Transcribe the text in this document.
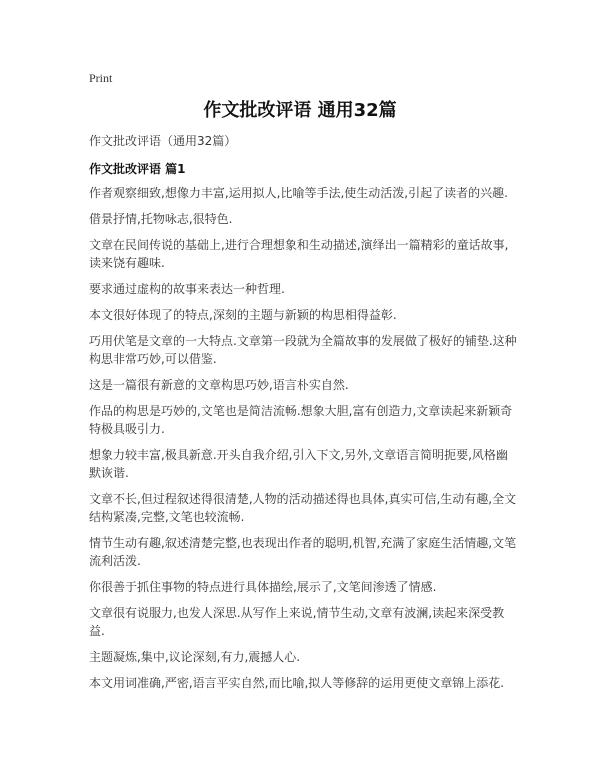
Print
作文批改评语 通用32篇
作文批改评语（通用32篇）
作文批改评语 篇1

作者观察细致,想像力丰富,运用拟人,比喻等手法,使生动活泼,引起了读者的兴趣.

借景抒情,托物咏志,很特色.

文章在民间传说的基础上,进行合理想象和生动描述,演绎出一篇精彩的童话故事,读来饶有趣味.

要求通过虚构的故事来表达一种哲理.

本文很好体现了的特点,深刻的主题与新颖的构思相得益彰.

巧用伏笔是文章的一大特点.文章第一段就为全篇故事的发展做了极好的铺垫.这种构思非常巧妙,可以借鉴.

这是一篇很有新意的文章构思巧妙,语言朴实自然.

作品的构思是巧妙的,文笔也是简洁流畅.想象大胆,富有创造力,文章读起来新颖奇特极具吸引力.

想象力较丰富,极具新意.开头自我介绍,引入下文,另外,文章语言简明扼要,风格幽默诙谐.

文章不长,但过程叙述得很清楚,人物的活动描述得也具体,真实可信,生动有趣,全文结构紧凑,完整,文笔也较流畅.

情节生动有趣,叙述清楚完整,也表现出作者的聪明,机智,充满了家庭生活情趣,文笔流利活泼.

你很善于抓住事物的特点进行具体描绘,展示了,文笔间渗透了情感.

文章很有说服力,也发人深思.从写作上来说,情节生动,文章有波澜,读起来深受教益.

主题凝炼,集中,议论深刻,有力,震撼人心.

本文用词准确,严密,语言平实自然,而比喻,拟人等修辞的运用更使文章锦上添花.
